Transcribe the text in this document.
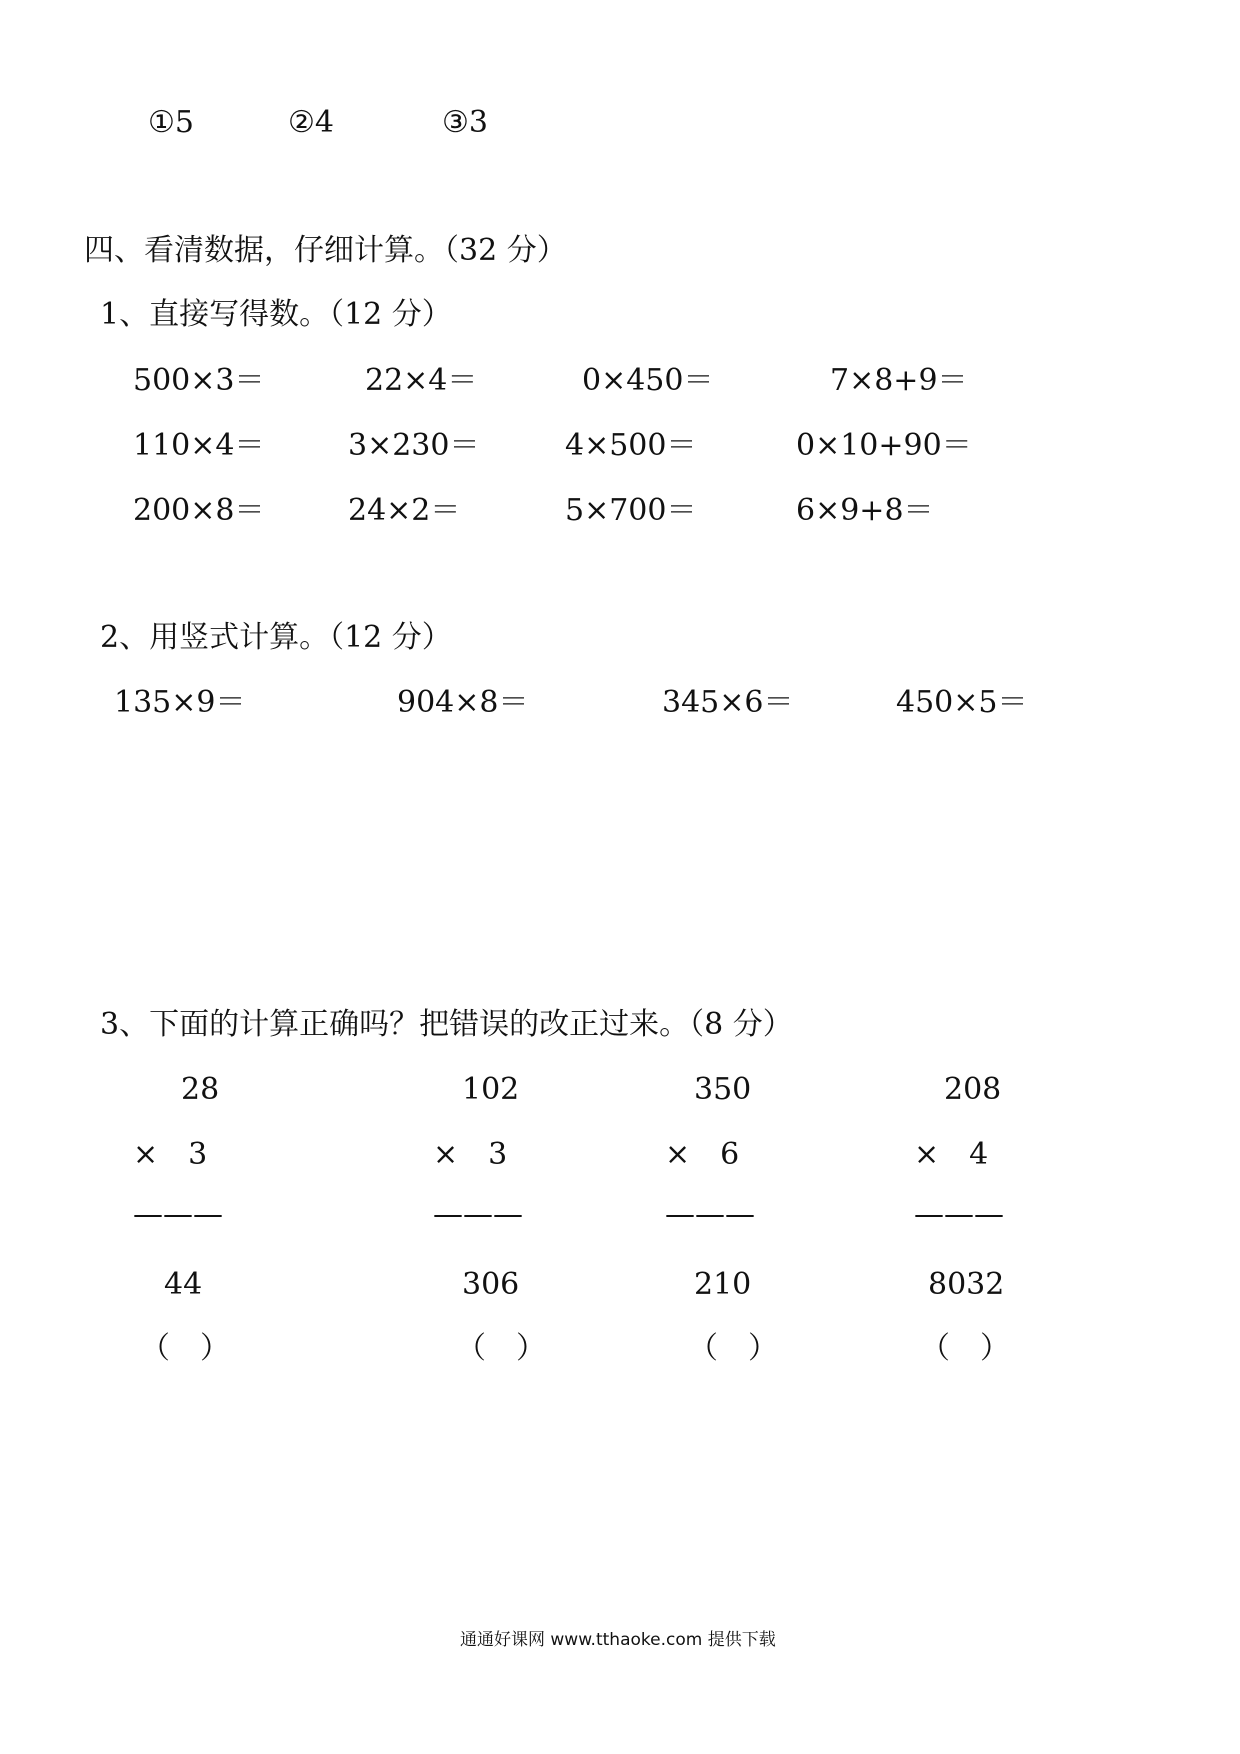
①5	②4	③3
四、看清数据，仔细计算。（32 分）
1、直接写得数。（12 分）
500×3＝	22×4＝	0×450＝	7×8+9＝
110×4＝	3×230＝	4×500＝	0×10+90＝
200×8＝	24×2＝	5×700＝	6×9+8＝
2、用竖式计算。（12 分）
135×9＝	904×8＝	345×6＝	450×5＝
3、下面的计算正确吗？把错误的改正过来。（8 分）
28
×　3
———
44
（　）
102
×　3
———
306
（　）
350
×　6
———
210
（　）
208
×　4
———
8032
（　）
通通好课网 www.tthaoke.com 提供下载
